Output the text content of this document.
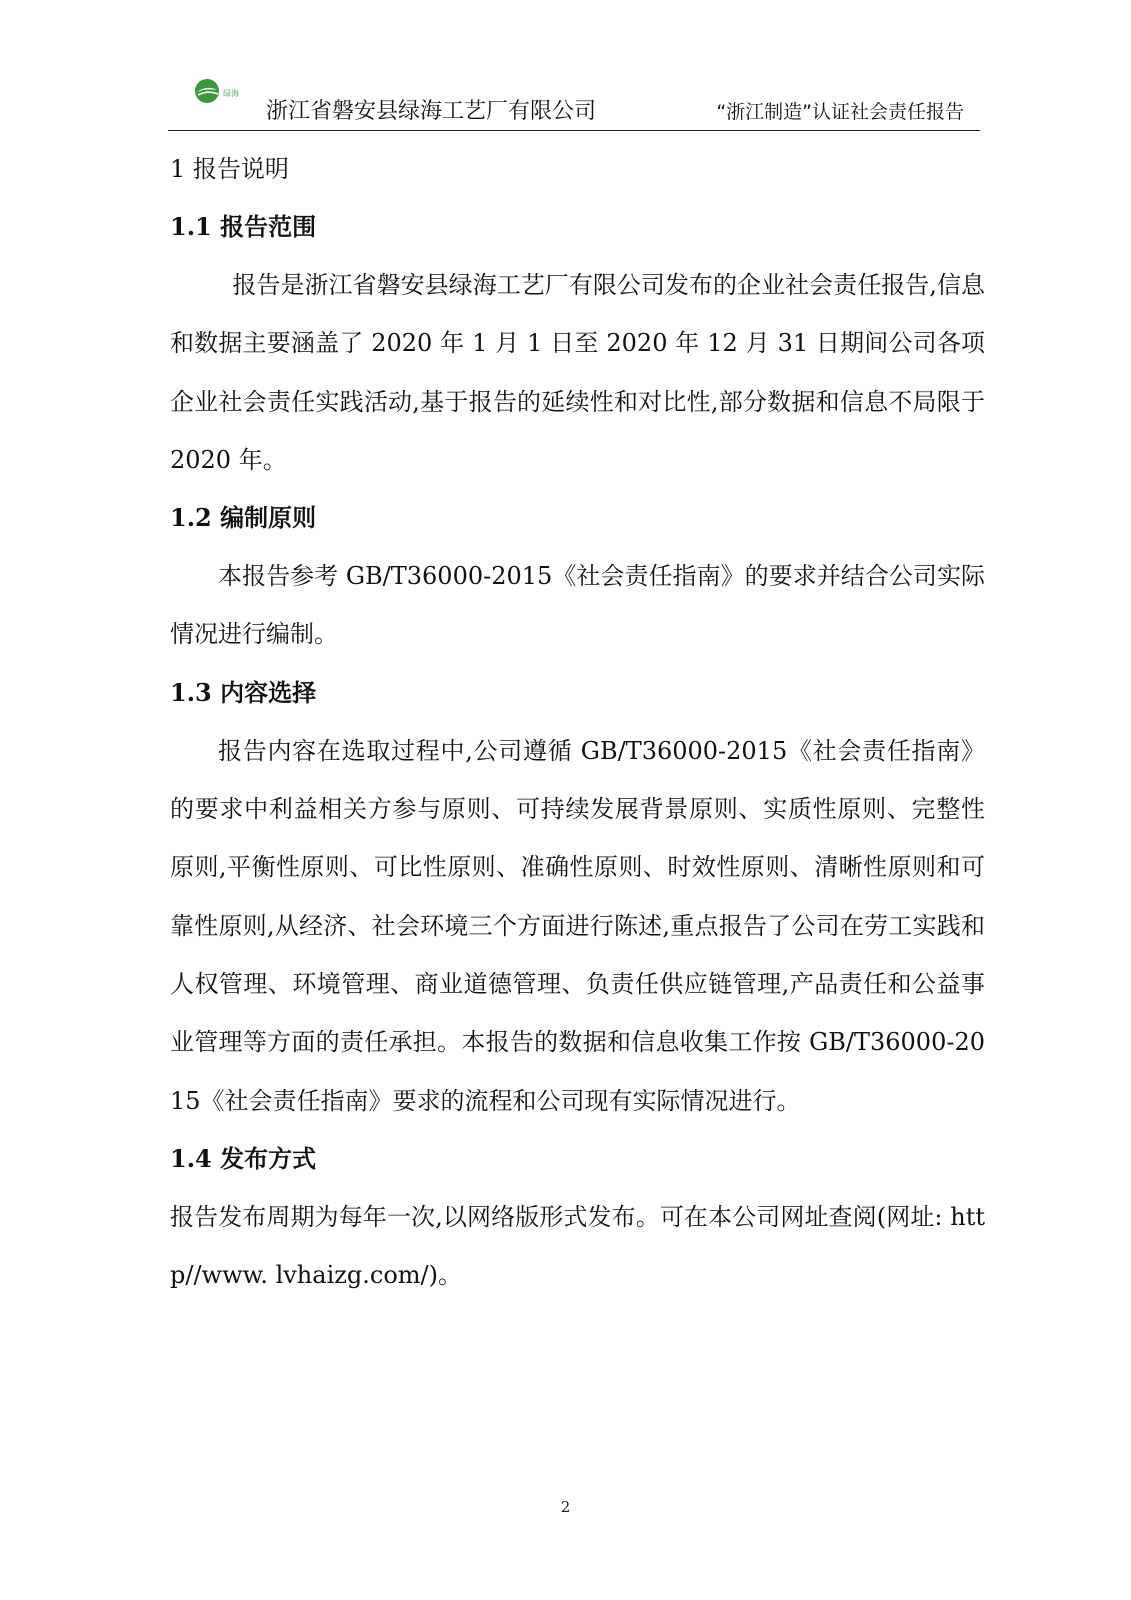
绿海
浙江省磐安县绿海工艺厂有限公司	“浙江制造”认证社会责任报告
1 报告说明
1.1 报告范围

报告是浙江省磐安县绿海工艺厂有限公司发布的企业社会责任报告,信息和数据主要涵盖了 2020 年 1 月 1 日至 2020 年 12 月 31 日期间公司各项企业社会责任实践活动,基于报告的延续性和对比性,部分数据和信息不局限于 2020 年。

1.2 编制原则

本报告参考 GB/T36000-2015《社会责任指南》的要求并结合公司实际情况进行编制。

1.3 内容选择

报告内容在选取过程中,公司遵循 GB/T36000-2015《社会责任指南》的要求中利益相关方参与原则、可持续发展背景原则、实质性原则、完整性原则,平衡性原则、可比性原则、准确性原则、时效性原则、清晰性原则和可靠性原则,从经济、社会环境三个方面进行陈述,重点报告了公司在劳工实践和人权管理、环境管理、商业道德管理、负责任供应链管理,产品责任和公益事业管理等方面的责任承担。本报告的数据和信息收集工作按 GB/T36000-2015《社会责任指南》要求的流程和公司现有实际情况进行。

1.4 发布方式

报告发布周期为每年一次,以网络版形式发布。可在本公司网址查阅(网址: http//www. lvhaizg.com/)。

2
